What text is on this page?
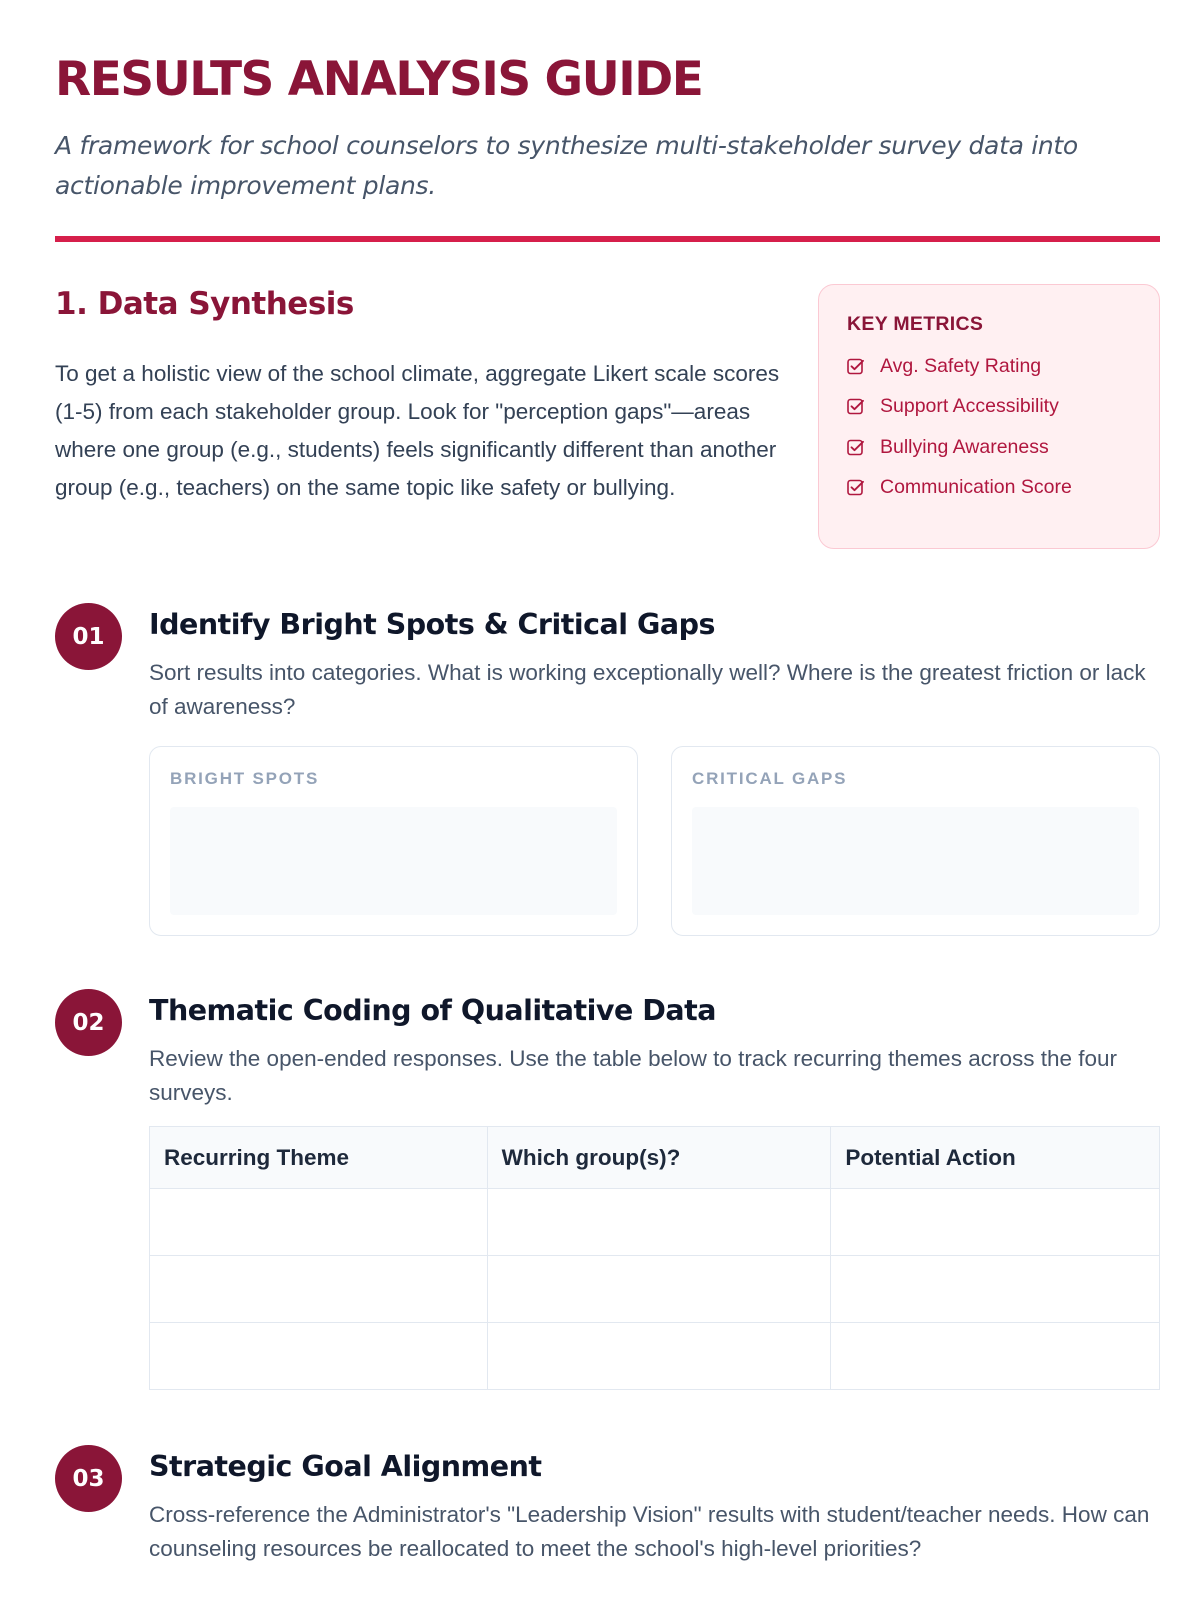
RESULTS ANALYSIS GUIDE

A framework for school counselors to synthesize multi-stakeholder survey data into actionable improvement plans.

1. Data Synthesis

To get a holistic view of the school climate, aggregate Likert scale scores (1-5) from each stakeholder group. Look for "perception gaps"—areas where one group (e.g., students) feels significantly different than another group (e.g., teachers) on the same topic like safety or bullying.

KEY METRICS
Avg. Safety Rating
Support Accessibility
Bullying Awareness
Communication Score
01	Identify Bright Spots & Critical Gaps

Sort results into categories. What is working exceptionally well? Where is the greatest friction or lack of awareness?

BRIGHT SPOTS	CRITICAL GAPS
02	Thematic Coding of Qualitative Data

Review the open-ended responses. Use the table below to track recurring themes across the four surveys.

Recurring Theme	Which group(s)?	Potential Action

03	Strategic Goal Alignment

Cross-reference the Administrator's "Leadership Vision" results with student/teacher needs. How can counseling resources be reallocated to meet the school's high-level priorities?
